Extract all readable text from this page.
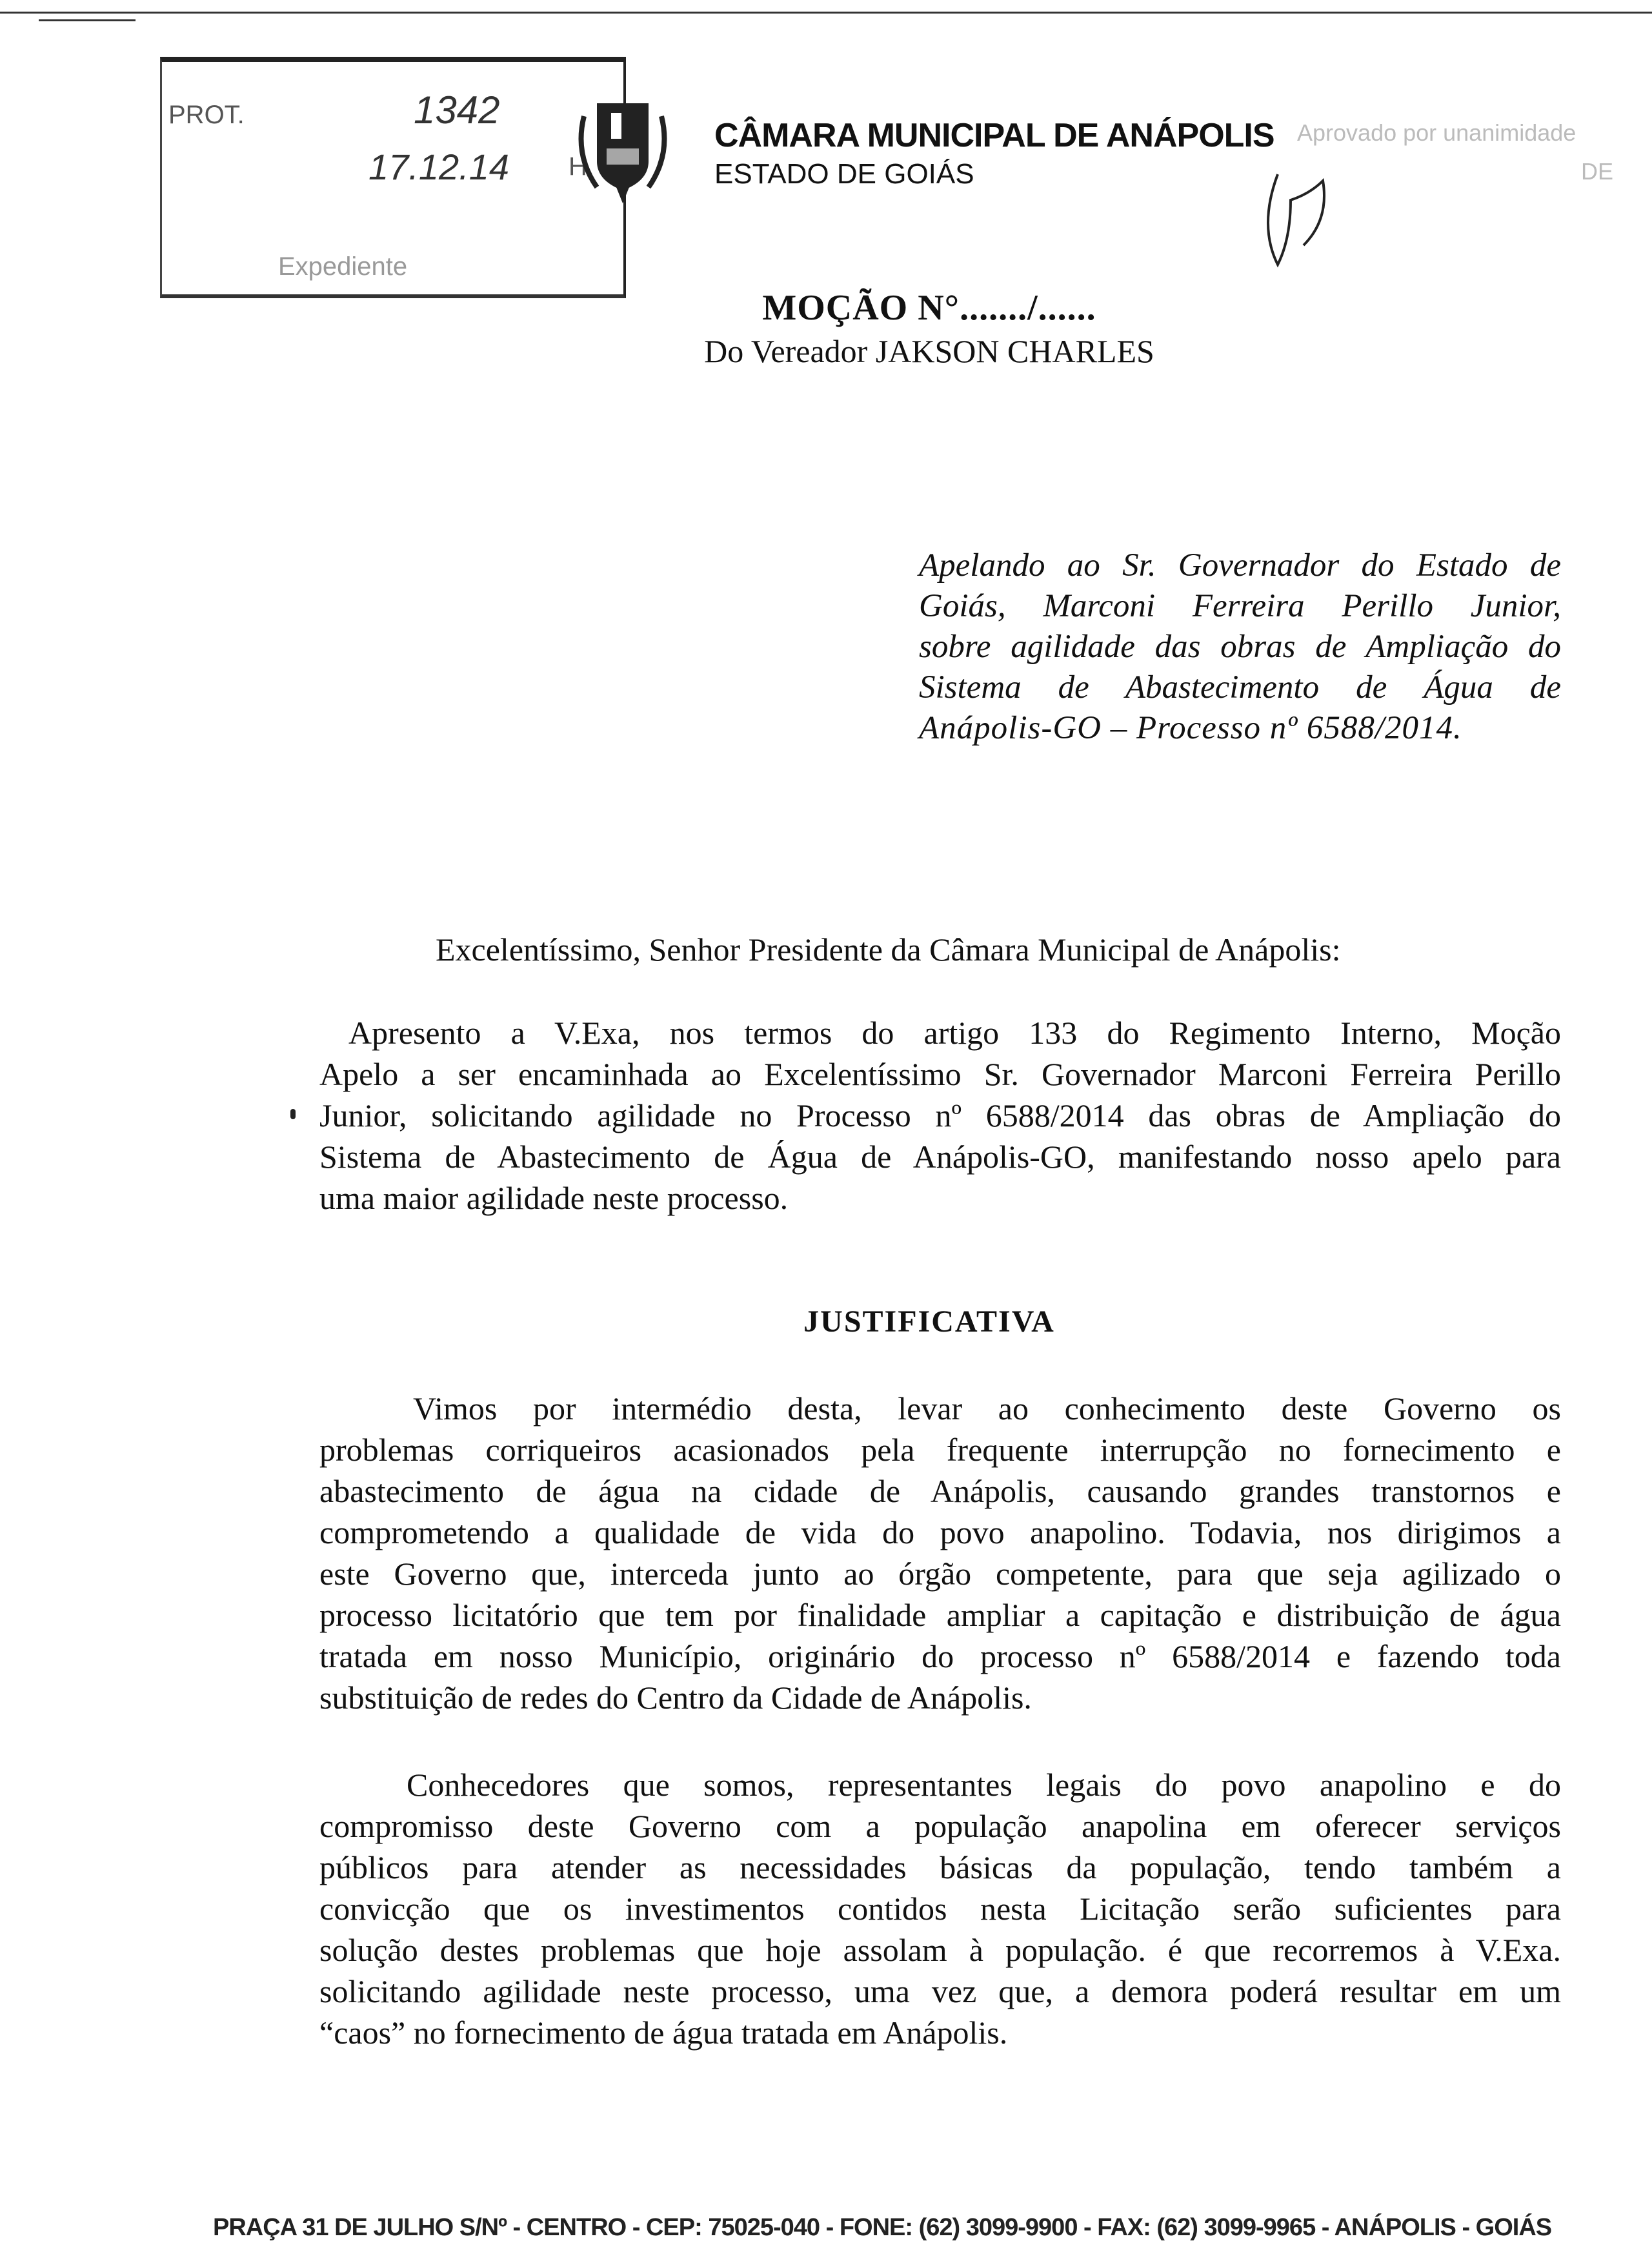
PROT.	1342
17.12.14 H
Expediente
CÂMARA MUNICIPAL DE ANÁPOLIS
ESTADO DE GOIÁS
Aprovado por unanimidade
DE
MOÇÃO N°......./......
Do Vereador JAKSON CHARLES
Apelando ao Sr. Governador do Estado de
Goiás, Marconi Ferreira Perillo Junior,
sobre agilidade das obras de Ampliação do
Sistema de Abastecimento de Água de
Anápolis-GO – Processo nº 6588/2014.
Excelentíssimo, Senhor Presidente da Câmara Municipal de Anápolis:
Apresento a V.Exa, nos termos do artigo 133 do Regimento Interno, Moção
Apelo a ser encaminhada ao Excelentíssimo Sr. Governador Marconi Ferreira Perillo
Junior, solicitando agilidade no Processo nº 6588/2014 das obras de Ampliação do
Sistema de Abastecimento de Água de Anápolis-GO, manifestando nosso apelo para
uma maior agilidade neste processo.
JUSTIFICATIVA
Vimos por intermédio desta, levar ao conhecimento deste Governo os
problemas corriqueiros acasionados pela frequente interrupção no fornecimento e
abastecimento de água na cidade de Anápolis, causando grandes transtornos e
comprometendo a qualidade de vida do povo anapolino. Todavia, nos dirigimos a
este Governo que, interceda junto ao órgão competente, para que seja agilizado o
processo licitatório que tem por finalidade ampliar a capitação e distribuição de água
tratada em nosso Município, originário do processo nº 6588/2014 e fazendo toda
substituição de redes do Centro da Cidade de Anápolis.
Conhecedores que somos, representantes legais do povo anapolino e do
compromisso deste Governo com a população anapolina em oferecer serviços
públicos para atender as necessidades básicas da população, tendo também a
convicção que os investimentos contidos nesta Licitação serão suficientes para
solução destes problemas que hoje assolam à população. é que recorremos à V.Exa.
solicitando agilidade neste processo, uma vez que, a demora poderá resultar em um
“caos” no fornecimento de água tratada em Anápolis.
PRAÇA 31 DE JULHO S/Nº - CENTRO - CEP: 75025-040 - FONE: (62) 3099-9900 - FAX: (62) 3099-9965 - ANÁPOLIS - GOIÁS
